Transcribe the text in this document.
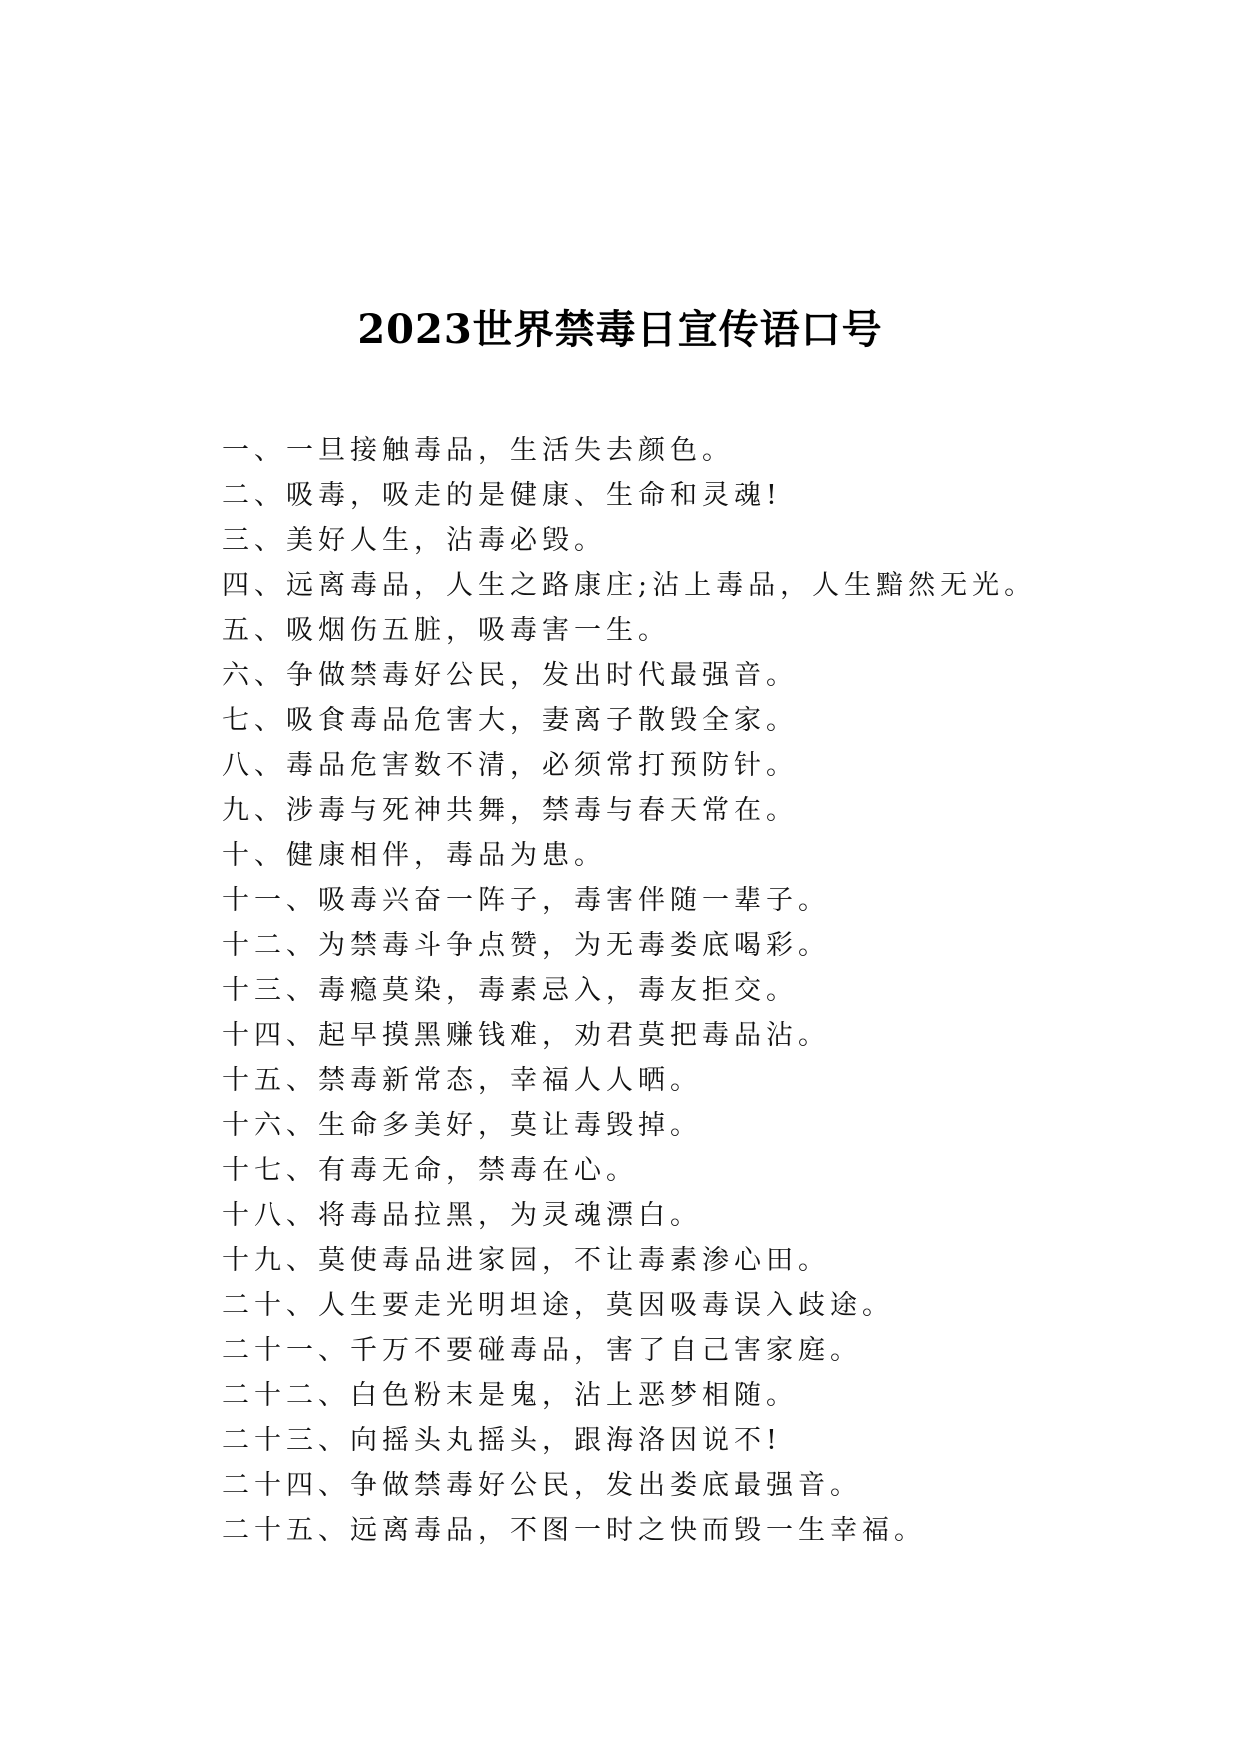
2023世界禁毒日宣传语口号
一、一旦接触毒品，生活失去颜色。
二、吸毒，吸走的是健康、生命和灵魂!
三、美好人生，沾毒必毁。
四、远离毒品，人生之路康庄;沾上毒品，人生黯然无光。
五、吸烟伤五脏，吸毒害一生。
六、争做禁毒好公民，发出时代最强音。
七、吸食毒品危害大，妻离子散毁全家。
八、毒品危害数不清，必须常打预防针。
九、涉毒与死神共舞，禁毒与春天常在。
十、健康相伴，毒品为患。
十一、吸毒兴奋一阵子，毒害伴随一辈子。
十二、为禁毒斗争点赞，为无毒娄底喝彩。
十三、毒瘾莫染，毒素忌入，毒友拒交。
十四、起早摸黑赚钱难，劝君莫把毒品沾。
十五、禁毒新常态，幸福人人晒。
十六、生命多美好，莫让毒毁掉。
十七、有毒无命，禁毒在心。
十八、将毒品拉黑，为灵魂漂白。
十九、莫使毒品进家园，不让毒素渗心田。
二十、人生要走光明坦途，莫因吸毒误入歧途。
二十一、千万不要碰毒品，害了自己害家庭。
二十二、白色粉末是鬼，沾上恶梦相随。
二十三、向摇头丸摇头，跟海洛因说不!
二十四、争做禁毒好公民，发出娄底最强音。
二十五、远离毒品，不图一时之快而毁一生幸福。
